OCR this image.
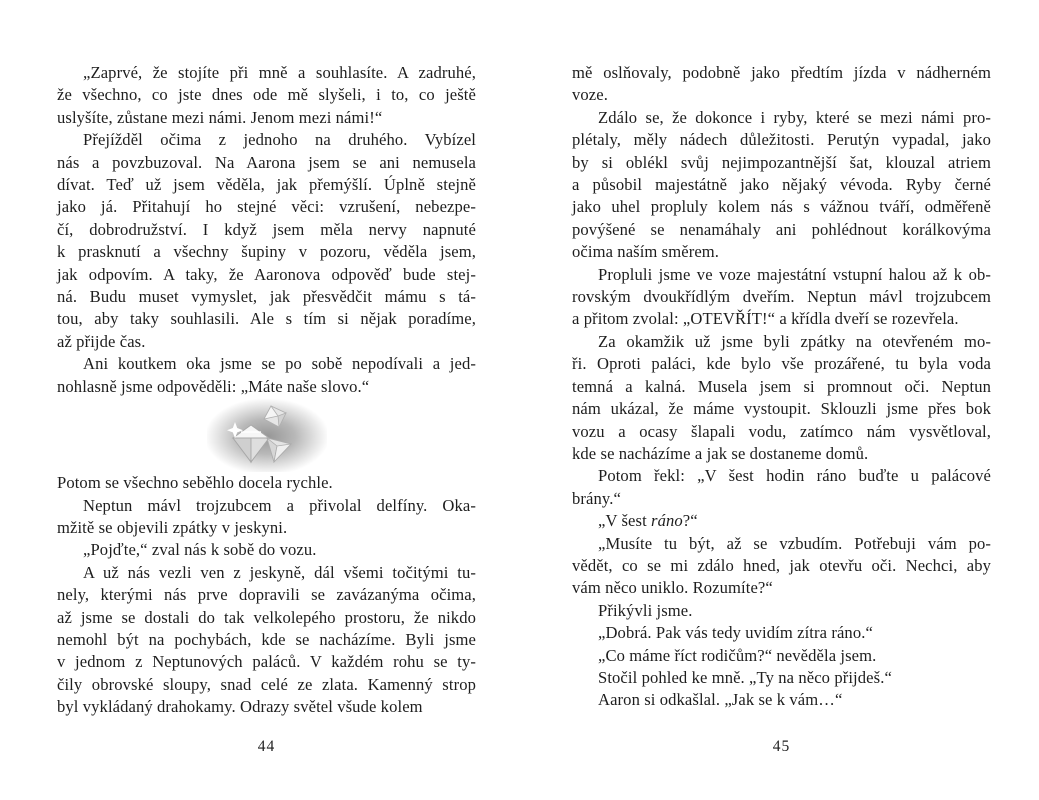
„Zaprvé, že stojíte při mně a souhlasíte. A zadruhé,
že všechno, co jste dnes ode mě slyšeli, i to, co ještě
uslyšíte, zůstane mezi námi. Jenom mezi námi!“
Přejížděl očima z jednoho na druhého. Vybízel
nás a povzbuzoval. Na Aarona jsem se ani nemusela
dívat. Teď už jsem věděla, jak přemýšlí. Úplně stejně
jako já. Přitahují ho stejné věci: vzrušení, nebezpe-
čí, dobrodružství. I když jsem měla nervy napnuté
k prasknutí a všechny šupiny v pozoru, věděla jsem,
jak odpovím. A taky, že Aaronova odpověď bude stej-
ná. Budu muset vymyslet, jak přesvědčit mámu s tá-
tou, aby taky souhlasili. Ale s tím si nějak poradíme,
až přijde čas.
Ani koutkem oka jsme se po sobě nepodívali a jed-
nohlasně jsme odpověděli: „Máte naše slovo.“
Potom se všechno seběhlo docela rychle.
Neptun mávl trojzubcem a přivolal delfíny. Oka-
mžitě se objevili zpátky v jeskyni.
„Pojďte,“ zval nás k sobě do vozu.
A už nás vezli ven z jeskyně, dál všemi točitými tu-
nely, kterými nás prve dopravili se zavázanýma očima,
až jsme se dostali do tak velkolepého prostoru, že nikdo
nemohl být na pochybách, kde se nacházíme. Byli jsme
v jednom z Neptunových paláců. V každém rohu se ty-
čily obrovské sloupy, snad celé ze zlata. Kamenný strop
byl vykládaný drahokamy. Odrazy světel všude kolem
44
mě oslňovaly, podobně jako předtím jízda v nádherném
voze.
Zdálo se, že dokonce i ryby, které se mezi námi pro-
plétaly, měly nádech důležitosti. Perutýn vypadal, jako
by si oblékl svůj nejimpozantnější šat, klouzal atriem
a působil majestátně jako nějaký vévoda. Ryby černé
jako uhel propluly kolem nás s vážnou tváří, odměřeně
povýšené se nenamáhaly ani pohlédnout korálkovýma
očima naším směrem.
Propluli jsme ve voze majestátní vstupní halou až k ob-
rovským dvoukřídlým dveřím. Neptun mávl trojzubcem
a přitom zvolal: „OTEVŘÍT!“ a křídla dveří se rozevřela.
Za okamžik už jsme byli zpátky na otevřeném mo-
ři. Oproti paláci, kde bylo vše prozářené, tu byla voda
temná a kalná. Musela jsem si promnout oči. Neptun
nám ukázal, že máme vystoupit. Sklouzli jsme přes bok
vozu a ocasy šlapali vodu, zatímco nám vysvětloval,
kde se nacházíme a jak se dostaneme domů.
Potom řekl: „V šest hodin ráno buďte u palácové
brány.“
„V šest ráno?“
„Musíte tu být, až se vzbudím. Potřebuji vám po-
vědět, co se mi zdálo hned, jak otevřu oči. Nechci, aby
vám něco uniklo. Rozumíte?“
Přikývli jsme.
„Dobrá. Pak vás tedy uvidím zítra ráno.“
„Co máme říct rodičům?“ nevěděla jsem.
Stočil pohled ke mně. „Ty na něco přijdeš.“
Aaron si odkašlal. „Jak se k vám…“
45
